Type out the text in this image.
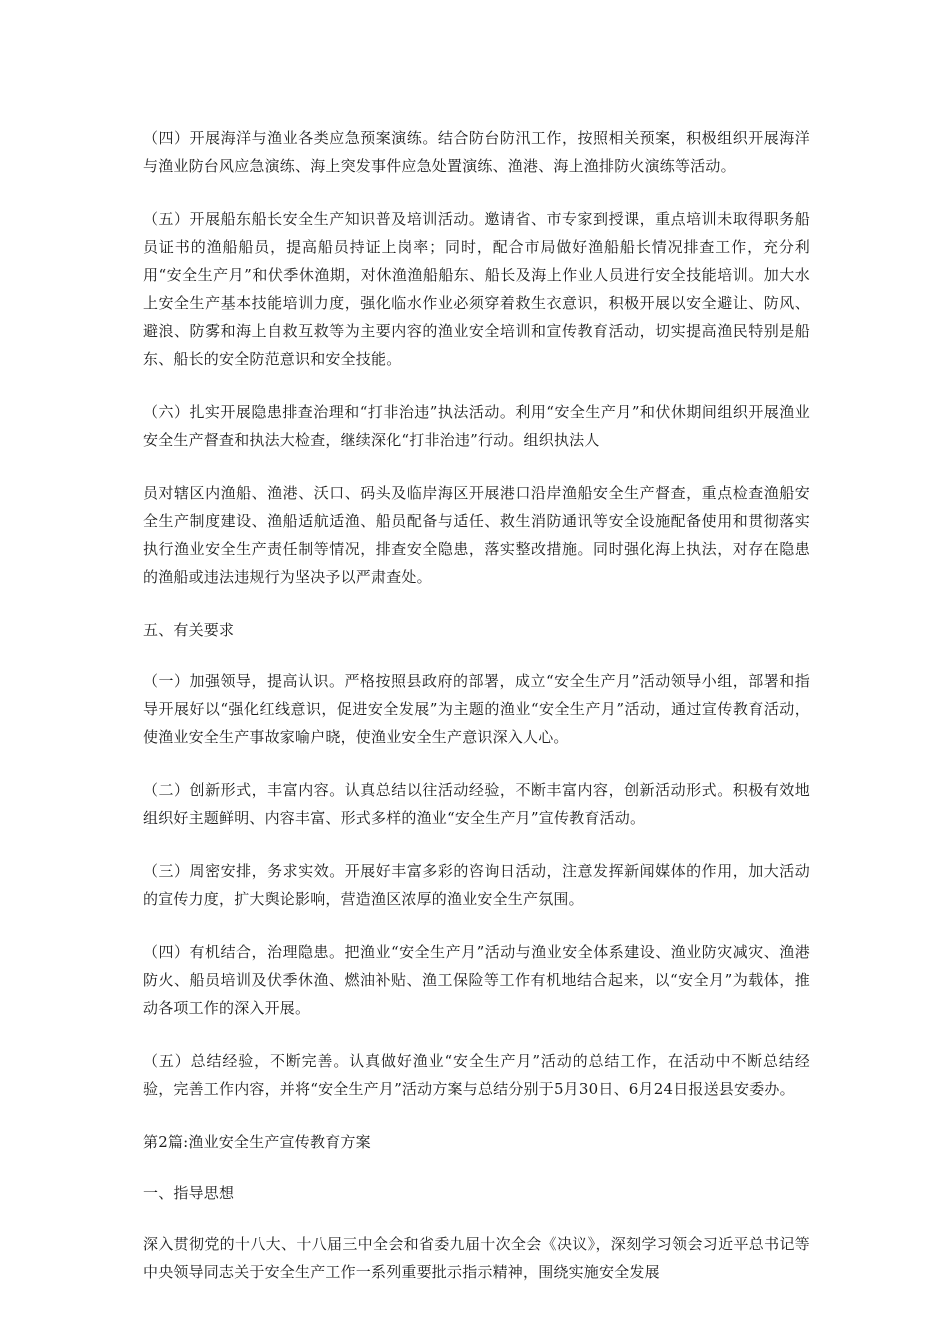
（四）开展海洋与渔业各类应急预案演练。结合防台防汛工作，按照相关预案，积极组织开展海洋与渔业防台风应急演练、海上突发事件应急处置演练、渔港、海上渔排防火演练等活动。

（五）开展船东船长安全生产知识普及培训活动。邀请省、市专家到授课，重点培训未取得职务船员证书的渔船船员，提高船员持证上岗率；同时，配合市局做好渔船船长情况排查工作，充分利用“安全生产月”和伏季休渔期，对休渔渔船船东、船长及海上作业人员进行安全技能培训。加大水上安全生产基本技能培训力度，强化临水作业必须穿着救生衣意识，积极开展以安全避让、防风、避浪、防雾和海上自救互救等为主要内容的渔业安全培训和宣传教育活动，切实提高渔民特别是船东、船长的安全防范意识和安全技能。

（六）扎实开展隐患排查治理和“打非治违”执法活动。利用“安全生产月”和伏休期间组织开展渔业安全生产督查和执法大检查，继续深化“打非治违”行动。组织执法人

员对辖区内渔船、渔港、沃口、码头及临岸海区开展港口沿岸渔船安全生产督查，重点检查渔船安全生产制度建设、渔船适航适渔、船员配备与适任、救生消防通讯等安全设施配备使用和贯彻落实执行渔业安全生产责任制等情况，排查安全隐患，落实整改措施。同时强化海上执法，对存在隐患的渔船或违法违规行为坚决予以严肃查处。

五、有关要求

（一）加强领导，提高认识。严格按照县政府的部署，成立“安全生产月”活动领导小组，部署和指导开展好以“强化红线意识，促进安全发展”为主题的渔业“安全生产月”活动，通过宣传教育活动，使渔业安全生产事故家喻户晓，使渔业安全生产意识深入人心。

（二）创新形式，丰富内容。认真总结以往活动经验，不断丰富内容，创新活动形式。积极有效地组织好主题鲜明、内容丰富、形式多样的渔业“安全生产月”宣传教育活动。

（三）周密安排，务求实效。开展好丰富多彩的咨询日活动，注意发挥新闻媒体的作用，加大活动的宣传力度，扩大舆论影响，营造渔区浓厚的渔业安全生产氛围。

（四）有机结合，治理隐患。把渔业“安全生产月”活动与渔业安全体系建设、渔业防灾减灾、渔港防火、船员培训及伏季休渔、燃油补贴、渔工保险等工作有机地结合起来，以“安全月”为载体，推动各项工作的深入开展。

（五）总结经验，不断完善。认真做好渔业“安全生产月”活动的总结工作，在活动中不断总结经验，完善工作内容，并将“安全生产月”活动方案与总结分别于5月30日、6月24日报送县安委办。

第2篇:渔业安全生产宣传教育方案

一、指导思想

深入贯彻党的十八大、十八届三中全会和省委九届十次全会《决议》，深刻学习领会习近平总书记等中央领导同志关于安全生产工作一系列重要批示指示精神，围绕实施安全发展
